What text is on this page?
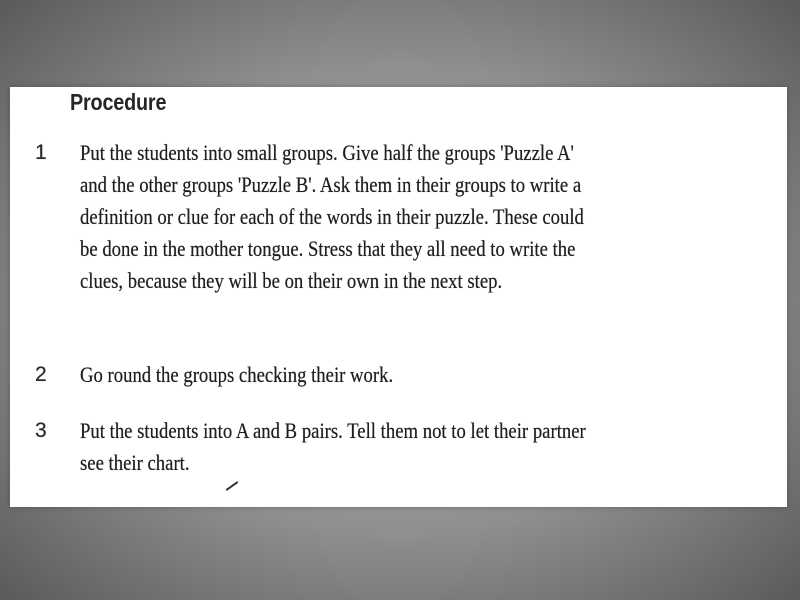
Procedure
1 Put the students into small groups. Give half the groups 'Puzzle A'
and the other groups 'Puzzle B'. Ask them in their groups to write a
definition or clue for each of the words in their puzzle. These could
be done in the mother tongue. Stress that they all need to write the
clues, because they will be on their own in the next step.
2 Go round the groups checking their work.
3 Put the students into A and B pairs. Tell them not to let their partner
see their chart.
